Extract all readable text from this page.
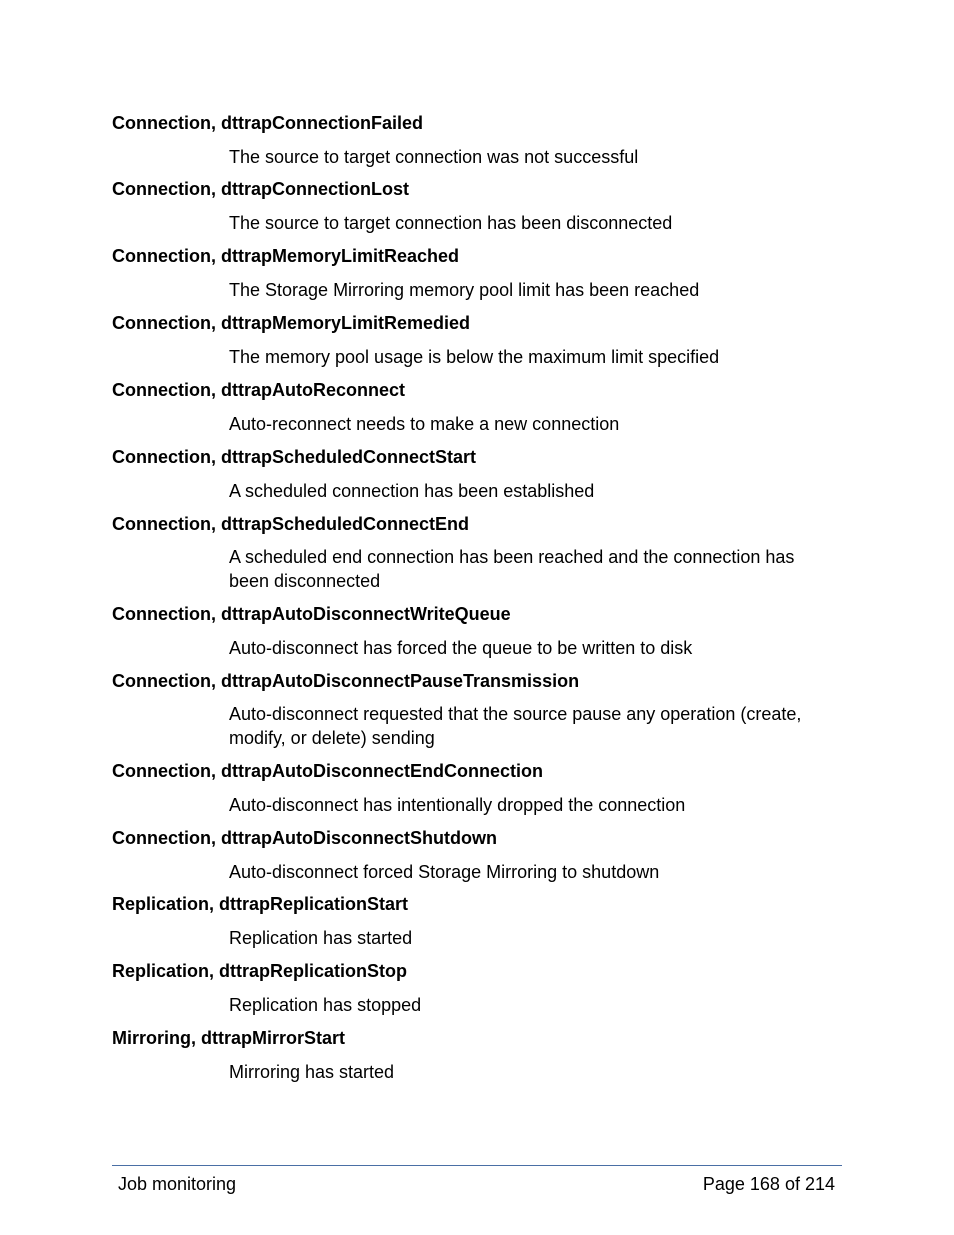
Connection, dttrapConnectionFailed

The source to target connection was not successful

Connection, dttrapConnectionLost

The source to target connection has been disconnected

Connection, dttrapMemoryLimitReached

The Storage Mirroring memory pool limit has been reached

Connection, dttrapMemoryLimitRemedied

The memory pool usage is below the maximum limit specified

Connection, dttrapAutoReconnect

Auto-reconnect needs to make a new connection

Connection, dttrapScheduledConnectStart

A scheduled connection has been established

Connection, dttrapScheduledConnectEnd

A scheduled end connection has been reached and the connection has been disconnected

Connection, dttrapAutoDisconnectWriteQueue

Auto-disconnect has forced the queue to be written to disk

Connection, dttrapAutoDisconnectPauseTransmission

Auto-disconnect requested that the source pause any operation (create, modify, or delete) sending

Connection, dttrapAutoDisconnectEndConnection

Auto-disconnect has intentionally dropped the connection

Connection, dttrapAutoDisconnectShutdown

Auto-disconnect forced Storage Mirroring to shutdown

Replication, dttrapReplicationStart

Replication has started

Replication, dttrapReplicationStop

Replication has stopped

Mirroring, dttrapMirrorStart

Mirroring has started

Job monitoring	Page 168 of 214
